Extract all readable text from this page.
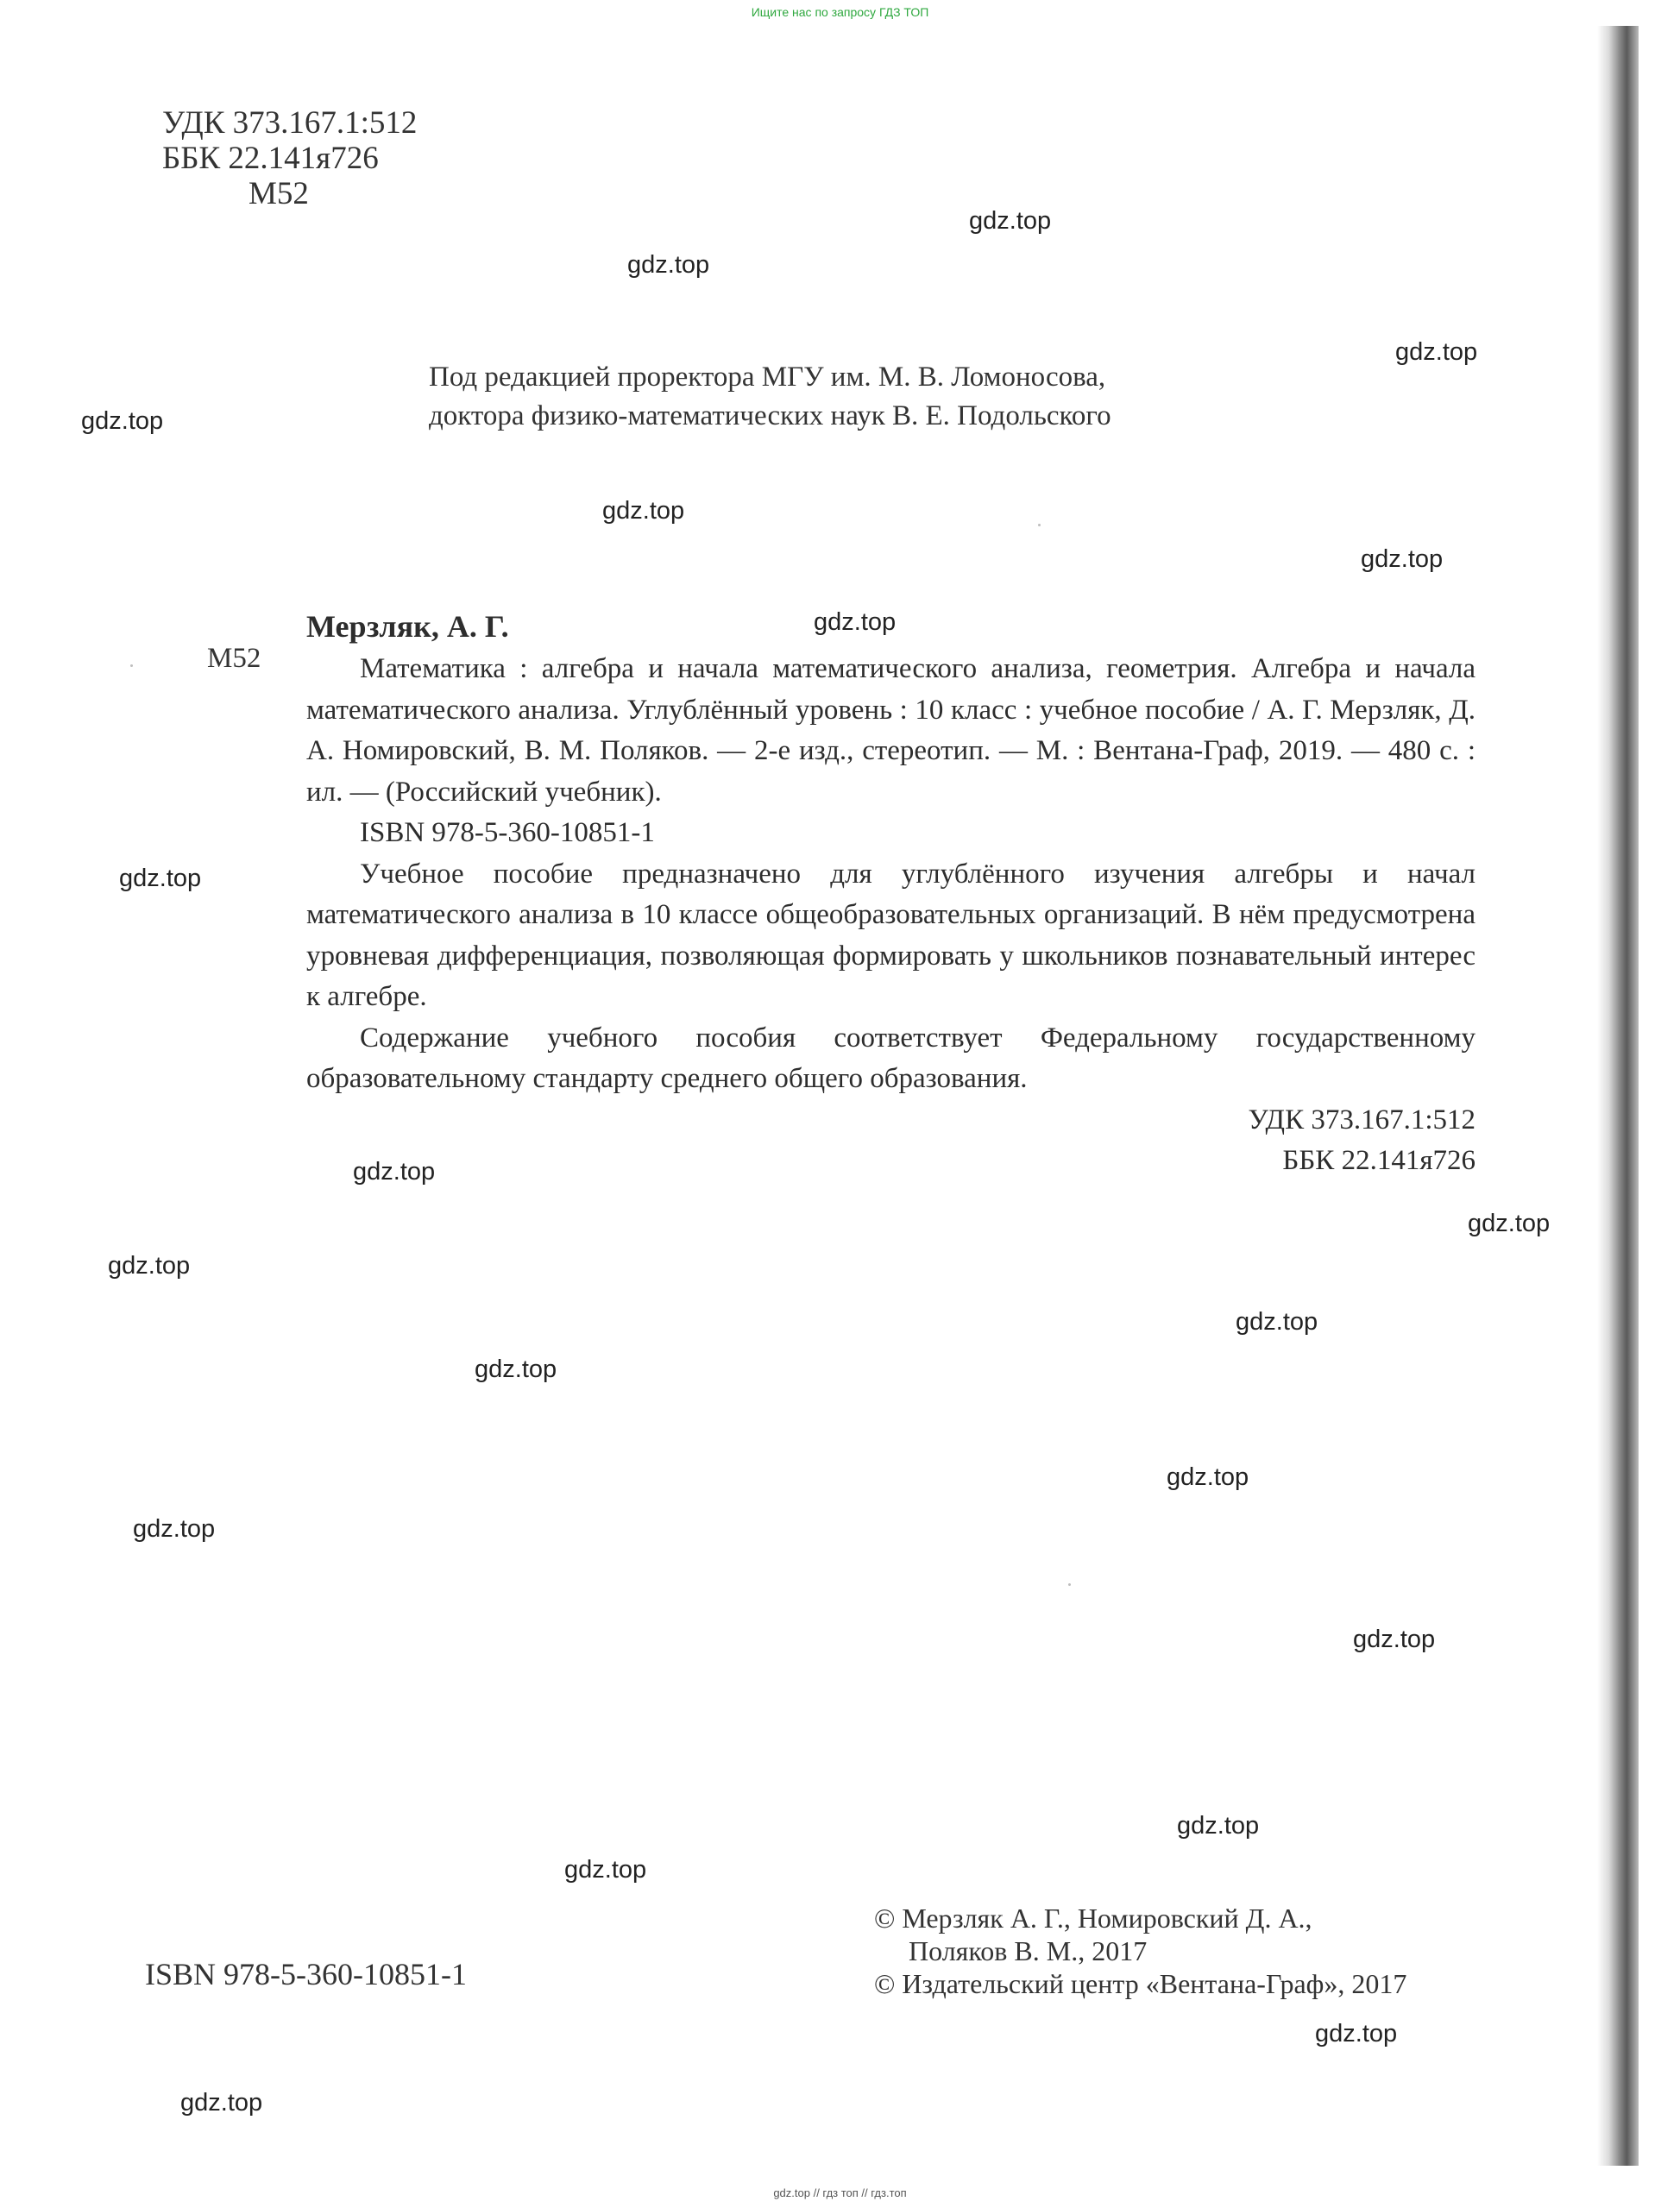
Ищите нас по запросу ГДЗ ТОП
УДК 373.167.1:512
ББК 22.141я726
М52
Под редакцией проректора МГУ им. М. В. Ломоносова,
доктора физико-математических наук В. Е. Подольского
М52
Мерзляк, А. Г.

Математика : алгебра и начала математического анализа, геометрия. Алгебра и начала математического анализа. Углублённый уровень : 10 класс : учебное пособие / А. Г. Мерзляк, Д. А. Номировский, В. М. Поляков. — 2-е изд., стереотип. — М. : Вентана-Граф, 2019. — 480 с. : ил. — (Российский учебник).

ISBN 978-5-360-10851-1

Учебное пособие предназначено для углублённого изучения алгебры и начал математического анализа в 10 классе общеобразовательных организаций. В нём предусмотрена уровневая дифференциация, позволяющая формировать у школьников познавательный интерес к алгебре.

Содержание учебного пособия соответствует Федеральному государственному образовательному стандарту среднего общего образования.

УДК 373.167.1:512

ББК 22.141я726

ISBN 978-5-360-10851-1
© Мерзляк А. Г., Номировский Д. А.,
Поляков В. М., 2017
© Издательский центр «Вентана-Граф», 2017
gdz.top
gdz.top
gdz.top
gdz.top
gdz.top
gdz.top
gdz.top
gdz.top
gdz.top
gdz.top
gdz.top
gdz.top
gdz.top
gdz.top
gdz.top
gdz.top
gdz.top
gdz.top
gdz.top
gdz.top
gdz.top // гдз топ // гдз.топ
